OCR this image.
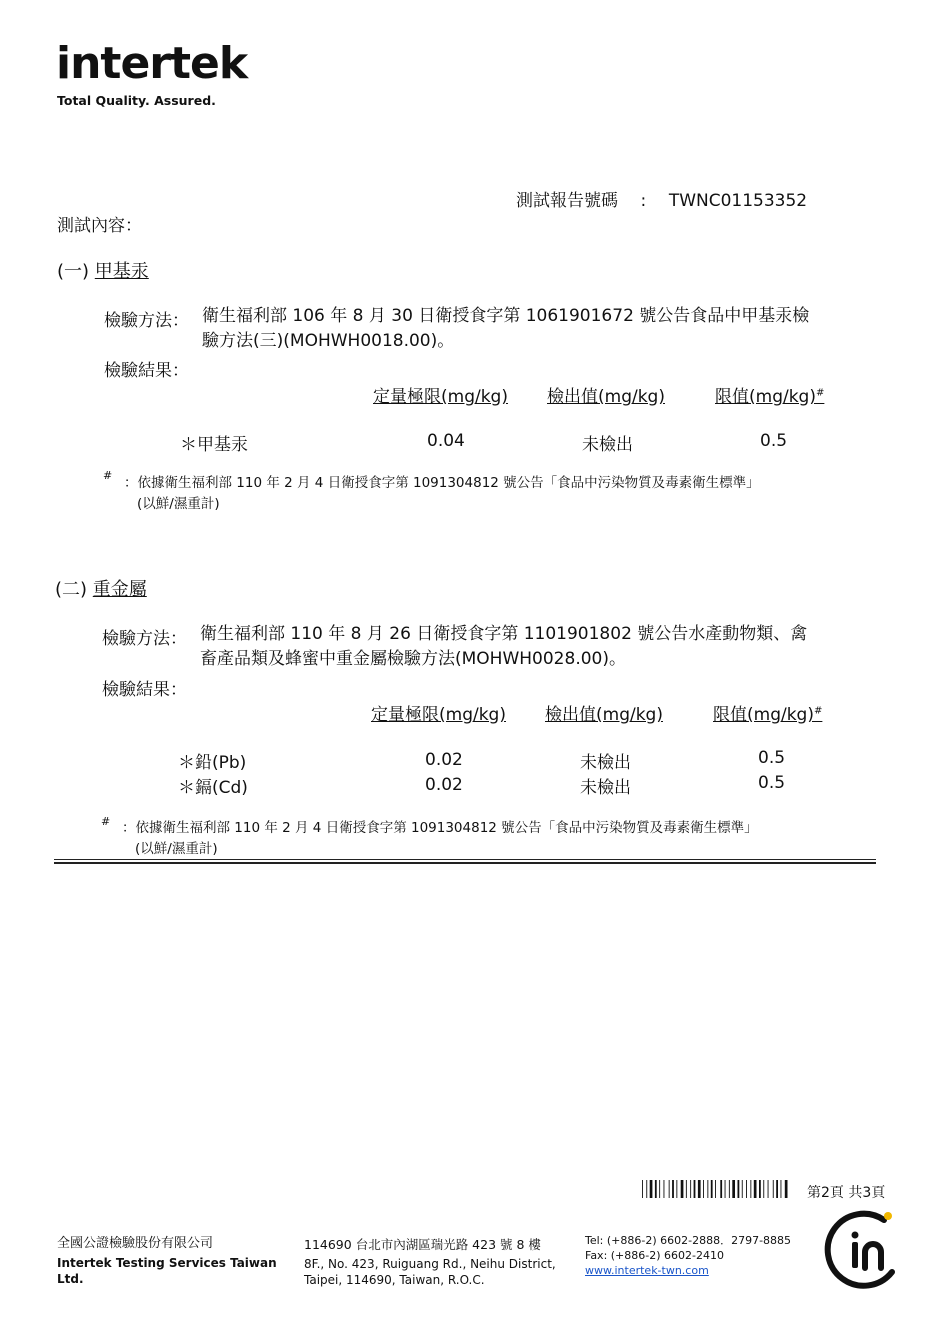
intertek
Total Quality. Assured.
測試報告號碼 : TWNC01153352
測試內容：
(一) 甲基汞
檢驗方法： 衛生福利部 106 年 8 月 30 日衛授食字第 1061901672 號公告食品中甲基汞檢
驗方法(三)(MOHWH0018.00)。
檢驗結果：
定量極限(mg/kg) 檢出值(mg/kg)	限值(mg/kg)#
＊甲基汞	0.04	未檢出	0.5
# ：依據衛生福利部 110 年 2 月 4 日衛授食字第 1091304812 號公告「食品中污染物質及毒素衛生標準」
(以鮮/濕重計)
(二) 重金屬
檢驗方法： 衛生福利部 110 年 8 月 26 日衛授食字第 1101901802 號公告水產動物類、禽
畜產品類及蜂蜜中重金屬檢驗方法(MOHWH0028.00)。
檢驗結果：
定量極限(mg/kg) 檢出值(mg/kg)	限值(mg/kg)#
＊鉛(Pb)	0.02	未檢出	0.5
＊鎘(Cd)	0.02	未檢出	0.5
# ：依據衛生福利部 110 年 2 月 4 日衛授食字第 1091304812 號公告「食品中污染物質及毒素衛生標準」
(以鮮/濕重計)
第2頁 共3頁
全國公證檢驗股份有限公司
Intertek Testing Services Taiwan Ltd.
114690 台北市內湖區瑞光路 423 號 8 樓
8F., No. 423, Ruiguang Rd., Neihu District,
Taipei, 114690, Taiwan, R.O.C.
Tel: (+886-2) 6602-2888．2797-8885
Fax: (+886-2) 6602-2410
www.intertek-twn.com
